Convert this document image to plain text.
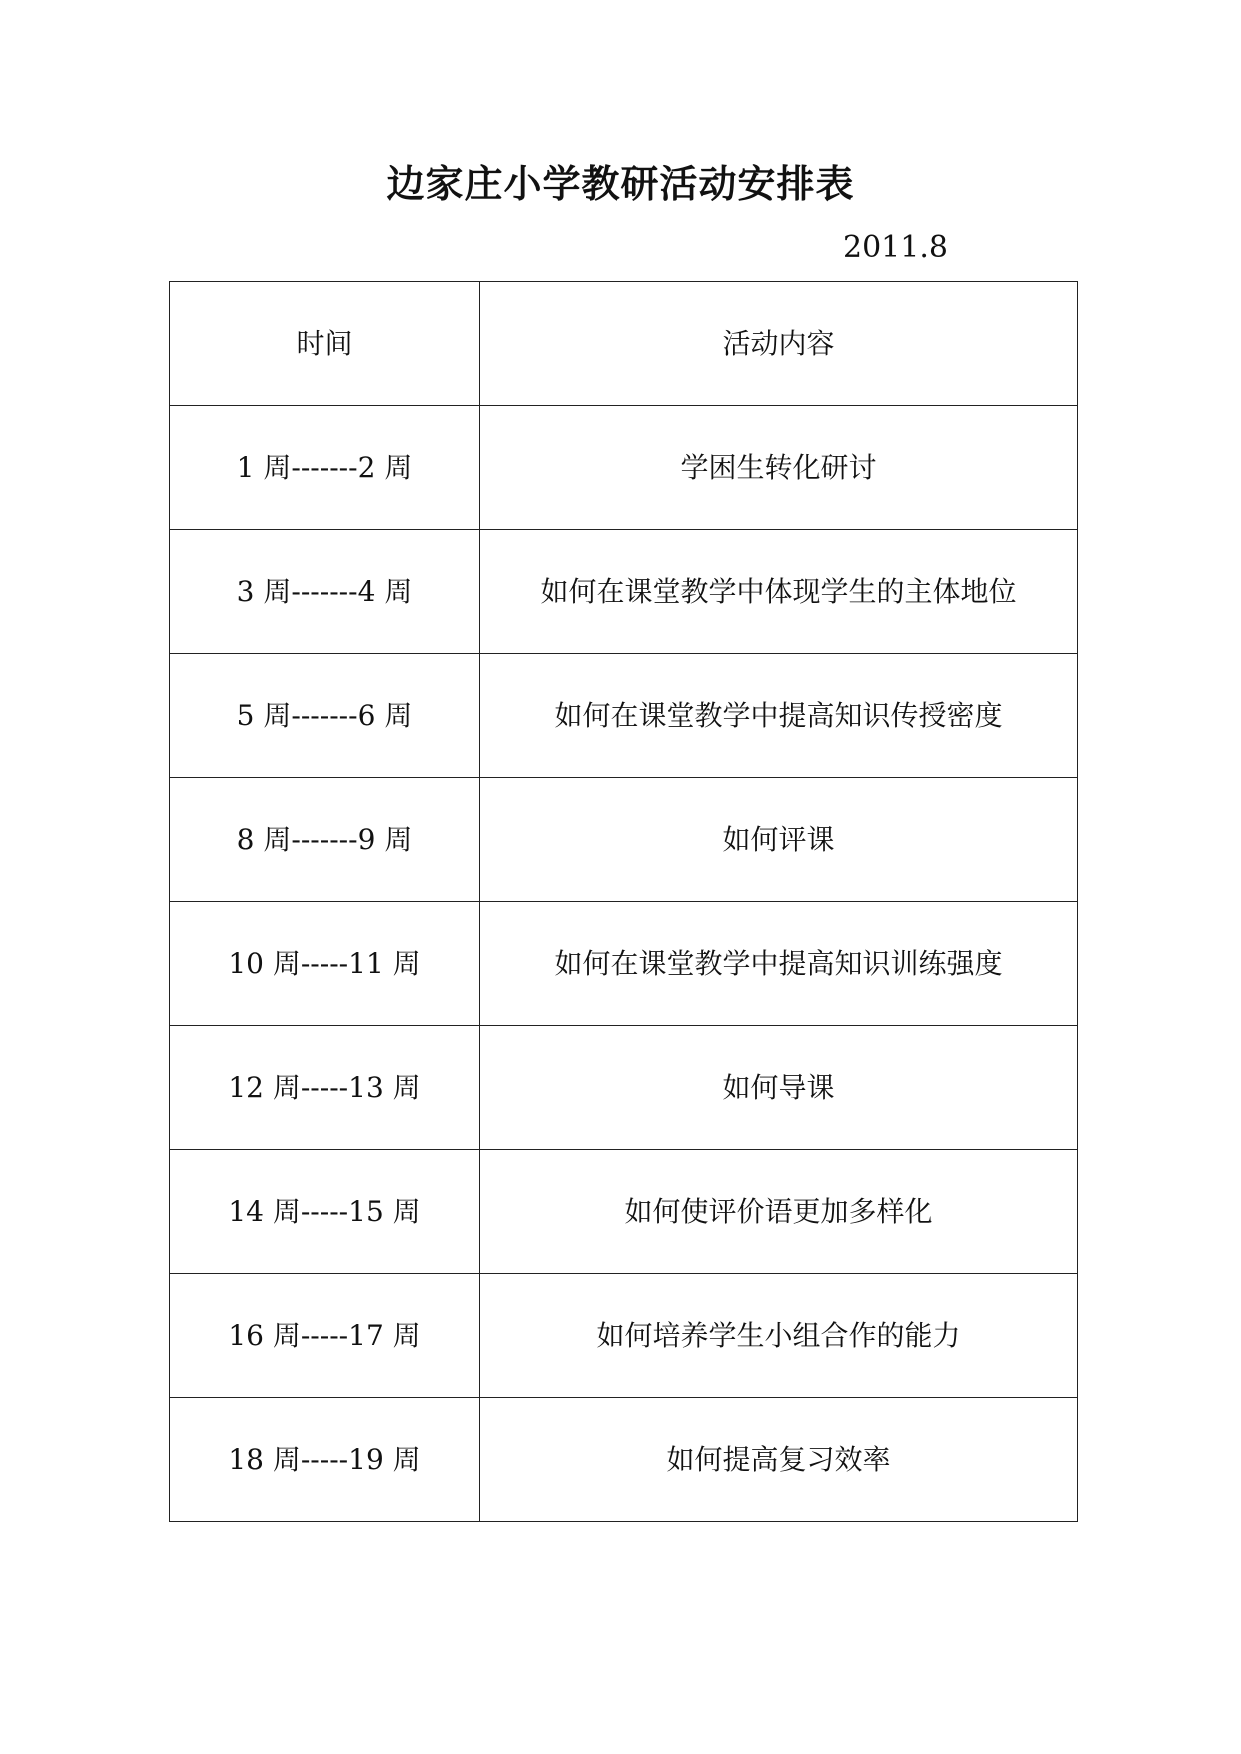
边家庄小学教研活动安排表
2011.8
时间	活动内容
1 周-------2 周	学困生转化研讨
3 周-------4 周	如何在课堂教学中体现学生的主体地位
5 周-------6 周	如何在课堂教学中提高知识传授密度
8 周-------9 周	如何评课
10 周-----11 周	如何在课堂教学中提高知识训练强度
12 周-----13 周	如何导课
14 周-----15 周	如何使评价语更加多样化
16 周-----17 周	如何培养学生小组合作的能力
18 周-----19 周	如何提高复习效率
